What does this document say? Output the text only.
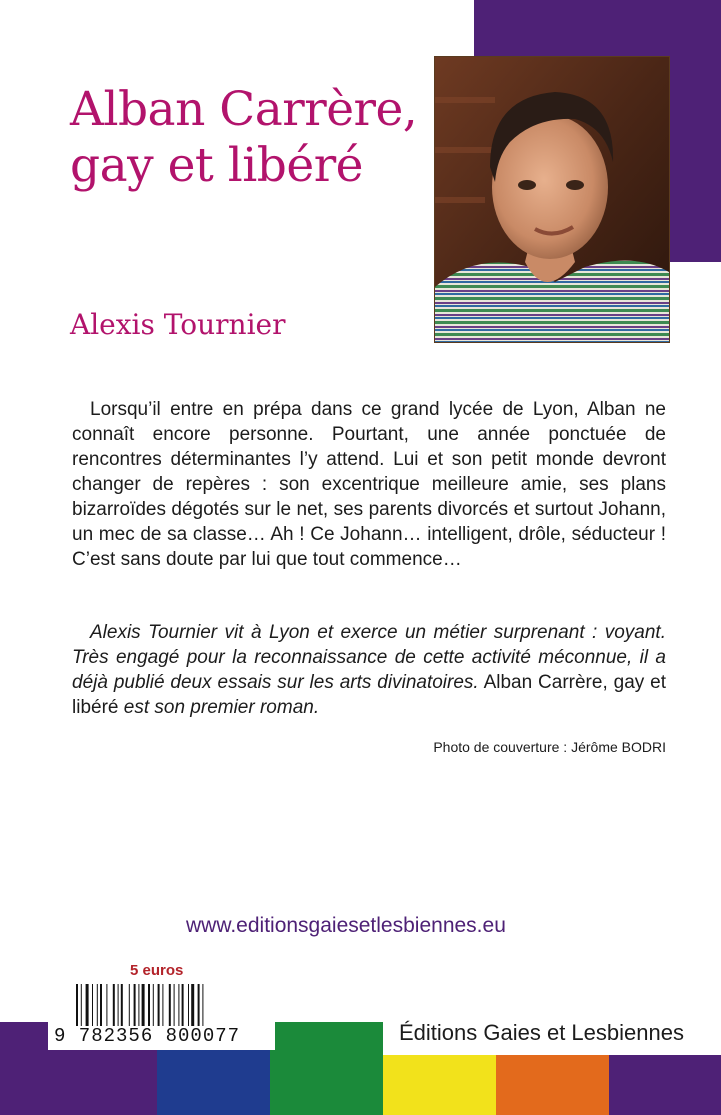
Alban Carrère,
gay et libéré
Alexis Tournier

Lorsqu’il entre en prépa dans ce grand lycée de Lyon, Alban ne connaît encore personne. Pourtant, une année ponctuée de rencontres déterminantes l’y attend. Lui et son petit monde devront changer de repères : son excentrique meilleure amie, ses plans bizarroïdes dégotés sur le net, ses parents divorcés et surtout Johann, un mec de sa classe… Ah ! Ce Johann… intelligent, drôle, séducteur ! C’est sans doute par lui que tout commence…

Alexis Tournier vit à Lyon et exerce un métier surprenant : voyant. Très engagé pour la reconnaissance de cette activité méconnue, il a déjà publié deux essais sur les arts divinatoires. Alban Carrère, gay et libéré est son premier roman.

Photo de couverture : Jérôme BODRI
www.editionsgaiesetlesbiennes.eu
5 euros
9 782356 800077	Éditions Gaies et Lesbiennes
